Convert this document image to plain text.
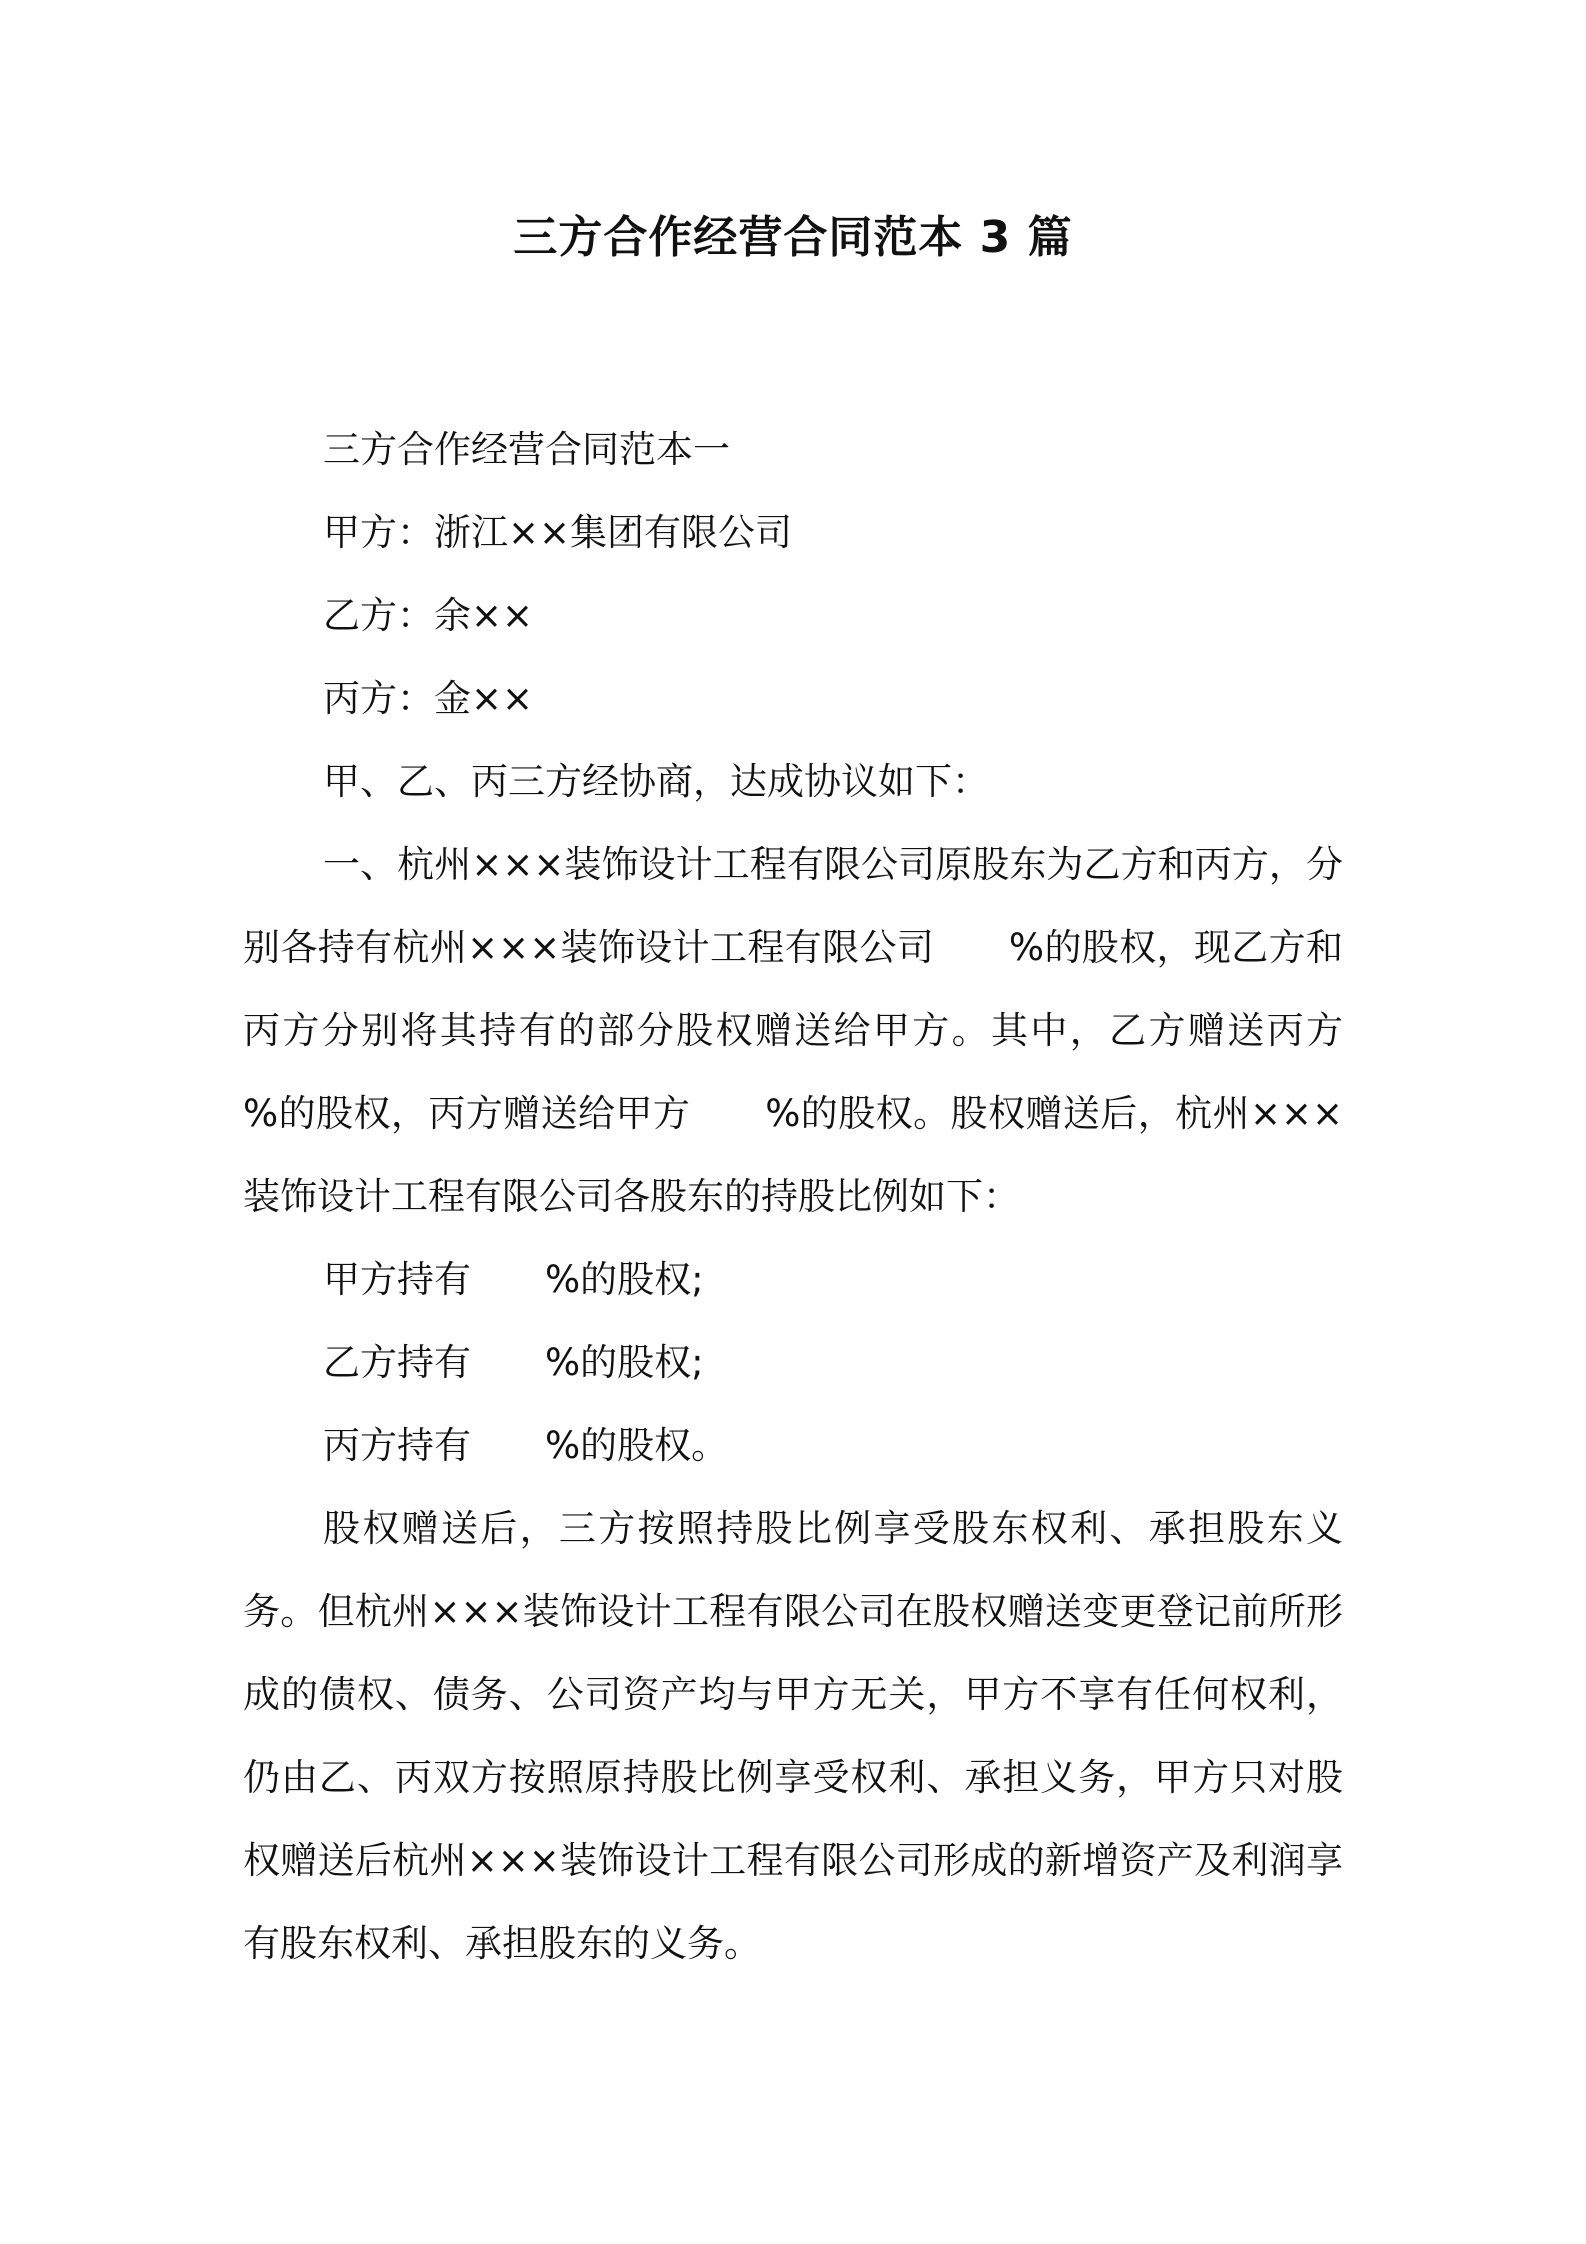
三方合作经营合同范本 3 篇

三方合作经营合同范本一

甲方：浙江××集团有限公司

乙方：余××

丙方：金××

甲、乙、丙三方经协商，达成协议如下：

一、杭州×××装饰设计工程有限公司原股东为乙方和丙方，分别各持有杭州×××装饰设计工程有限公司　　%的股权，现乙方和丙方分别将其持有的部分股权赠送给甲方。其中，乙方赠送丙方　　%的股权，丙方赠送给甲方　　%的股权。股权赠送后，杭州×××装饰设计工程有限公司各股东的持股比例如下：

甲方持有　　%的股权;

乙方持有　　%的股权;

丙方持有　　%的股权。

股权赠送后，三方按照持股比例享受股东权利、承担股东义务。但杭州×××装饰设计工程有限公司在股权赠送变更登记前所形成的债权、债务、公司资产均与甲方无关，甲方不享有任何权利，仍由乙、丙双方按照原持股比例享受权利、承担义务，甲方只对股权赠送后杭州×××装饰设计工程有限公司形成的新增资产及利润享有股东权利、承担股东的义务。
